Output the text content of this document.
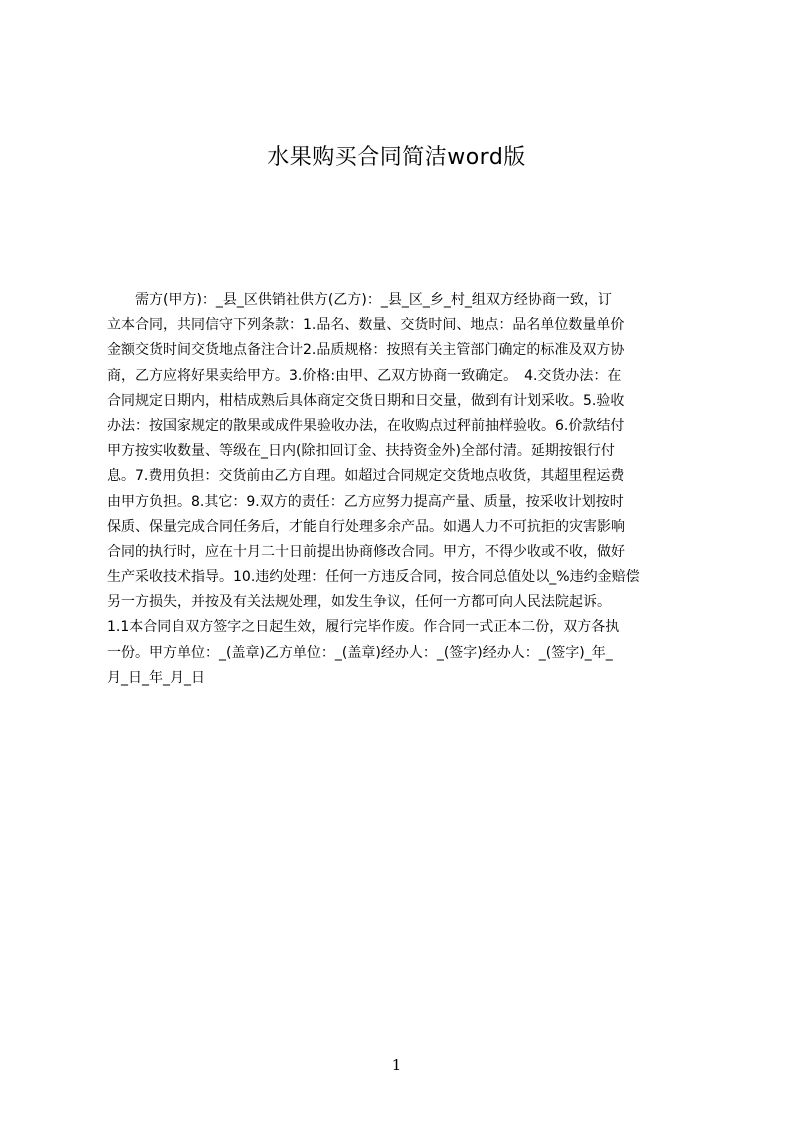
水果购买合同简洁word版
需方(甲方)：_县_区供销社供方(乙方)：_县_区_乡_村_组双方经协商一致，订
立本合同，共同信守下列条款：1.品名、数量、交货时间、地点：品名单位数量单价
金额交货时间交货地点备注合计2.品质规格：按照有关主管部门确定的标准及双方协
商，乙方应将好果卖给甲方。3.价格:由甲、乙双方协商一致确定。　4.交货办法：在
合同规定日期内，柑桔成熟后具体商定交货日期和日交量，做到有计划采收。5.验收
办法：按国家规定的散果或成件果验收办法，在收购点过秤前抽样验收。6.价款结付
甲方按实收数量、等级在_日内(除扣回订金、扶持资金外)全部付清。延期按银行付
息。7.费用负担：交货前由乙方自理。如超过合同规定交货地点收货，其超里程运费
由甲方负担。8.其它：9.双方的责任：乙方应努力提高产量、质量，按采收计划按时
保质、保量完成合同任务后，才能自行处理多余产品。如遇人力不可抗拒的灾害影响
合同的执行时，应在十月二十日前提出协商修改合同。甲方，不得少收或不收，做好
生产采收技术指导。10.违约处理：任何一方违反合同，按合同总值处以_%违约金赔偿
另一方损失，并按及有关法规处理，如发生争议，任何一方都可向人民法院起诉。
1.1本合同自双方签字之日起生效，履行完毕作废。作合同一式正本二份，双方各执
一份。甲方单位：_(盖章)乙方单位：_(盖章)经办人：_(签字)经办人：_(签字)_年_
月_日_年_月_日
1
